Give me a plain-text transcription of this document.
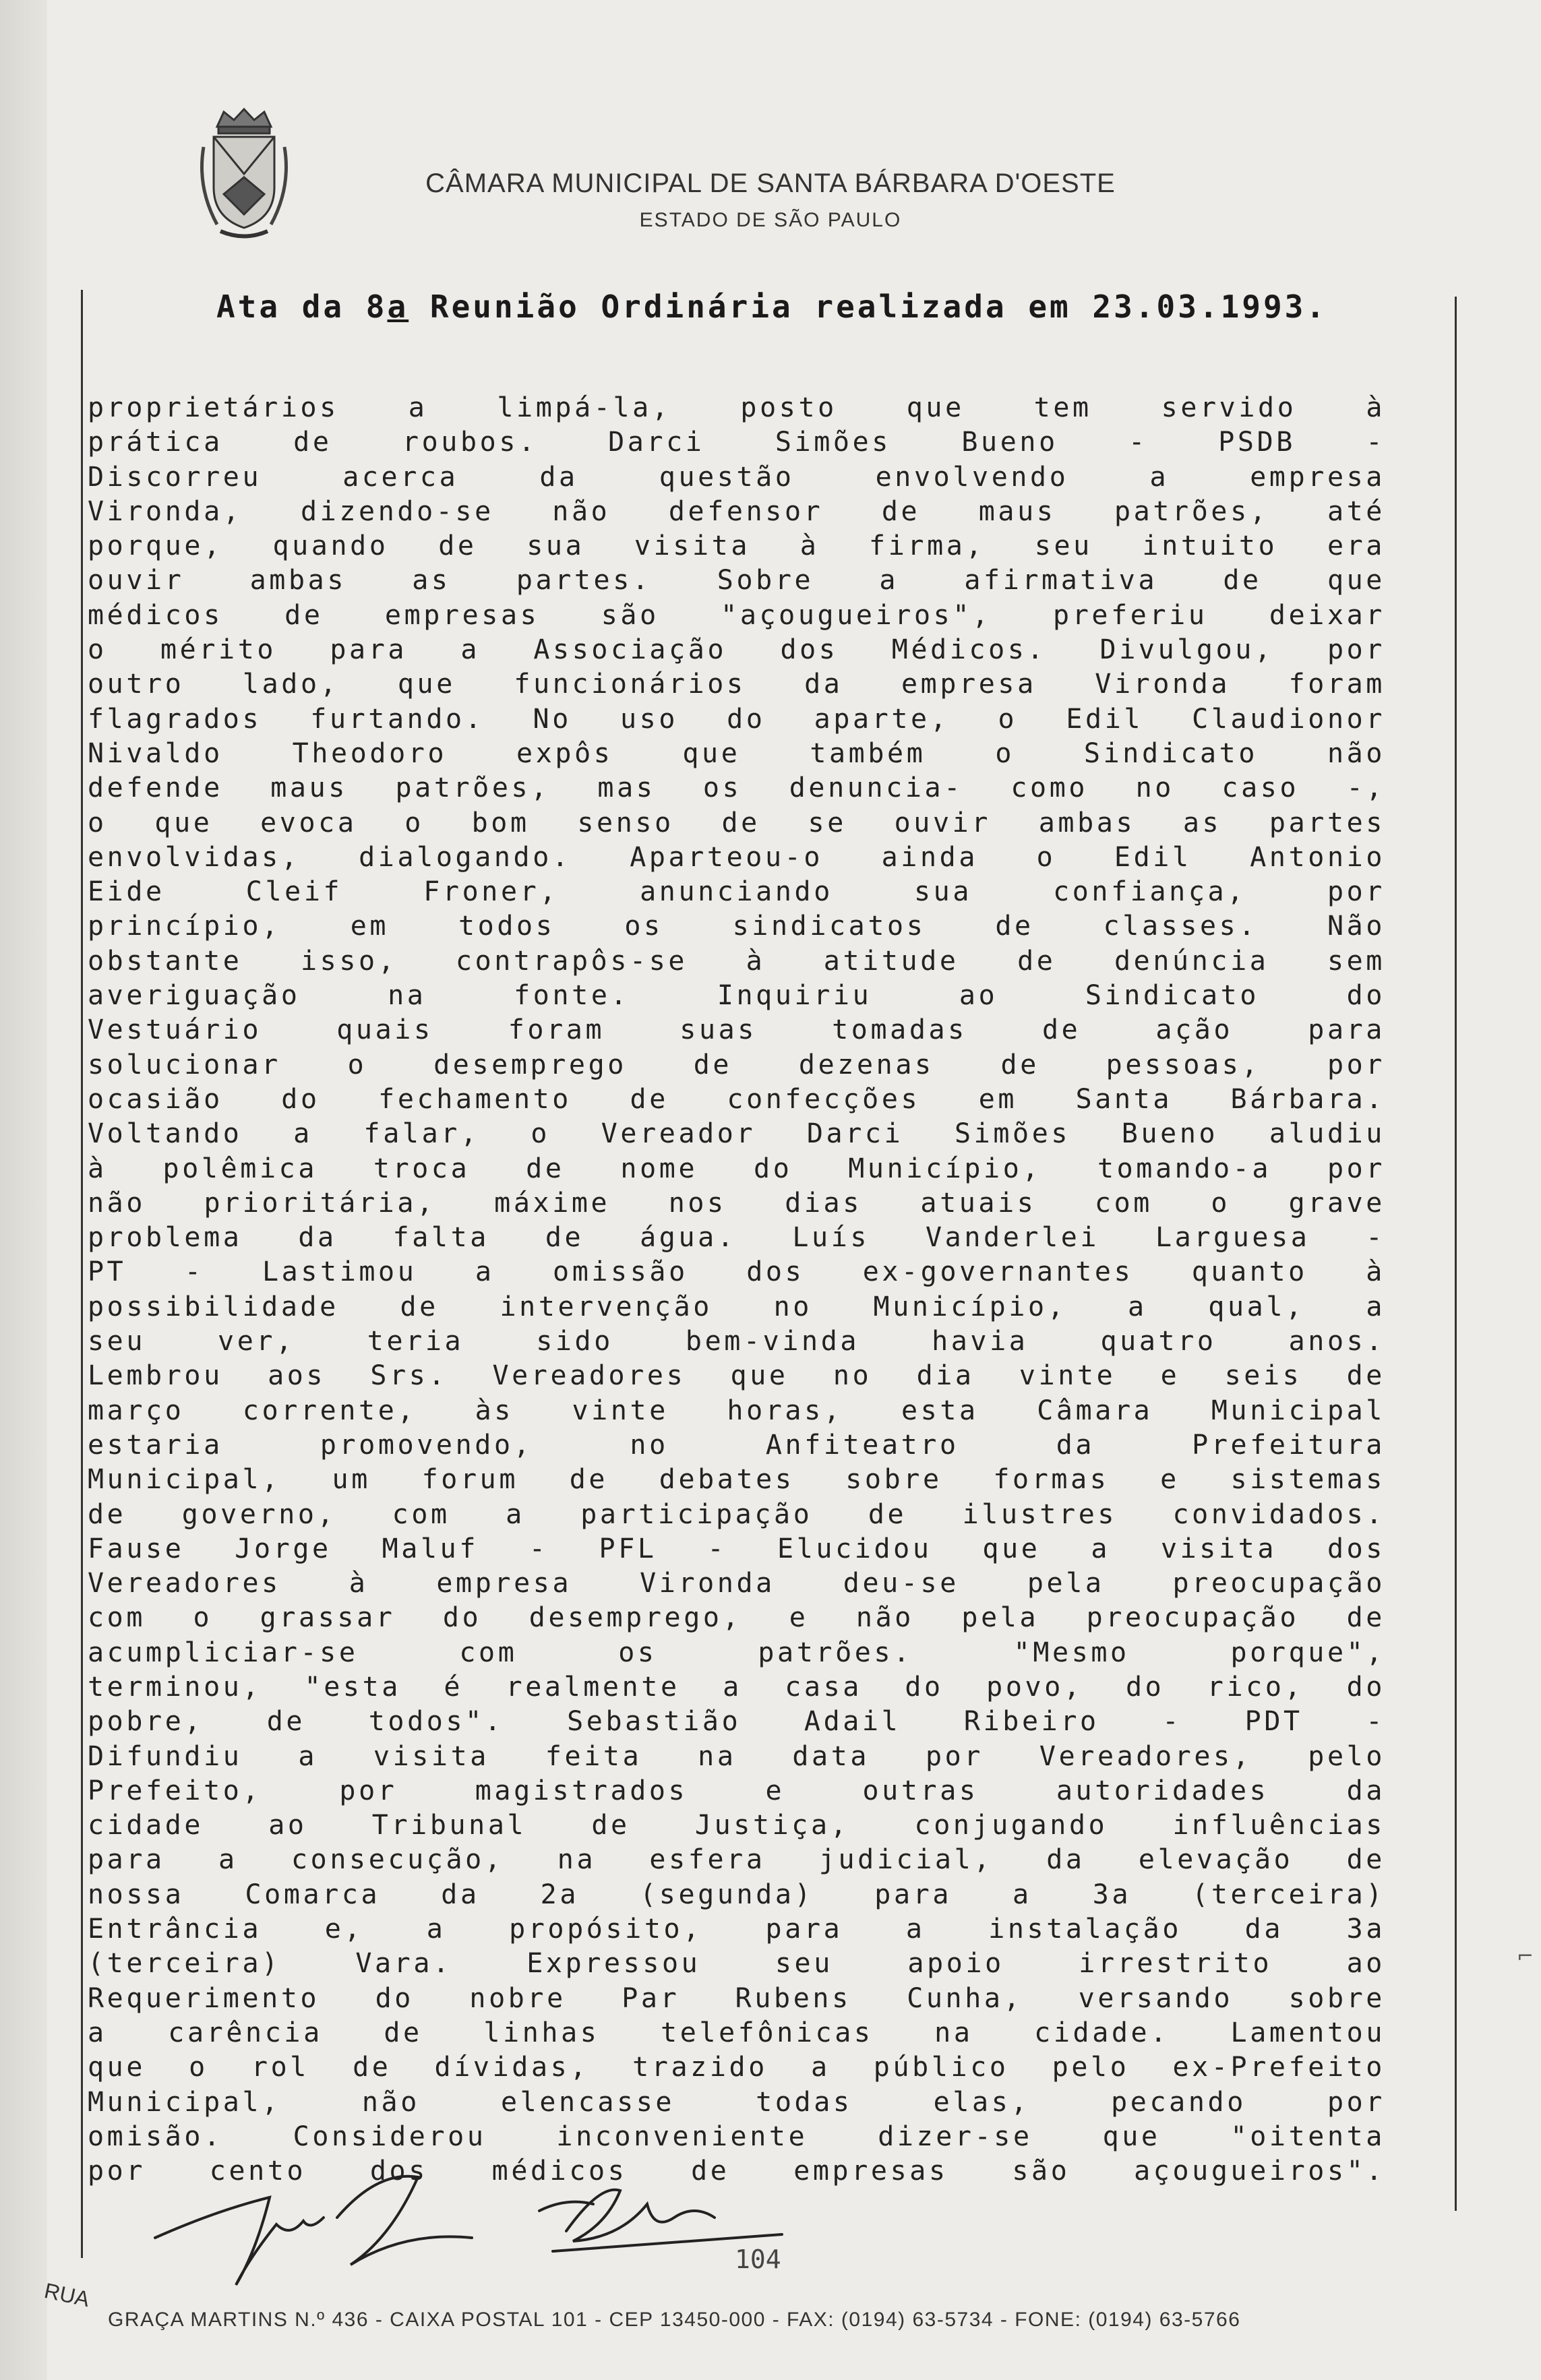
CÂMARA MUNICIPAL DE SANTA BÁRBARA D'OESTE
ESTADO DE SÃO PAULO
Ata da 8a Reunião Ordinária realizada em 23.03.1993.
proprietários a limpá-la, posto que tem servido à
prática de roubos. Darci Simões Bueno - PSDB -
Discorreu acerca da questão envolvendo a empresa
Vironda, dizendo-se não defensor de maus patrões, até
porque, quando de sua visita à firma, seu intuito era
ouvir ambas as partes. Sobre a afirmativa de que
médicos de empresas são "açougueiros", preferiu deixar
o mérito para a Associação dos Médicos. Divulgou, por
outro lado, que funcionários da empresa Vironda foram
flagrados furtando. No uso do aparte, o Edil Claudionor
Nivaldo Theodoro expôs que também o Sindicato não
defende maus patrões, mas os denuncia- como no caso -,
o que evoca o bom senso de se ouvir ambas as partes
envolvidas, dialogando. Aparteou-o ainda o Edil Antonio
Eide Cleif Froner, anunciando sua confiança, por
princípio, em todos os sindicatos de classes. Não
obstante isso, contrapôs-se à atitude de denúncia sem
averiguação na fonte. Inquiriu ao Sindicato do
Vestuário quais foram suas tomadas de ação para
solucionar o desemprego de dezenas de pessoas, por
ocasião do fechamento de confecções em Santa Bárbara.
Voltando a falar, o Vereador Darci Simões Bueno aludiu
à polêmica troca de nome do Município, tomando-a por
não prioritária, máxime nos dias atuais com o grave
problema da falta de água. Luís Vanderlei Larguesa -
PT - Lastimou a omissão dos ex-governantes quanto à
possibilidade de intervenção no Município, a qual, a
seu ver, teria sido bem-vinda havia quatro anos.
Lembrou aos Srs. Vereadores que no dia vinte e seis de
março corrente, às vinte horas, esta Câmara Municipal
estaria promovendo, no Anfiteatro da Prefeitura
Municipal, um forum de debates sobre formas e sistemas
de governo, com a participação de ilustres convidados.
Fause Jorge Maluf - PFL - Elucidou que a visita dos
Vereadores à empresa Vironda deu-se pela preocupação
com o grassar do desemprego, e não pela preocupação de
acumpliciar-se com os patrões. "Mesmo porque",
terminou, "esta é realmente a casa do povo, do rico, do
pobre, de todos". Sebastião Adail Ribeiro - PDT -
Difundiu a visita feita na data por Vereadores, pelo
Prefeito, por magistrados e outras autoridades da
cidade ao Tribunal de Justiça, conjugando influências
para a consecução, na esfera judicial, da elevação de
nossa Comarca da 2a (segunda) para a 3a (terceira)
Entrância e, a propósito, para a instalação da 3a
(terceira) Vara. Expressou seu apoio irrestrito ao
Requerimento do nobre Par Rubens Cunha, versando sobre
a carência de linhas telefônicas na cidade. Lamentou
que o rol de dívidas, trazido a público pelo ex-Prefeito
Municipal, não elencasse todas elas, pecando por
omisão. Considerou inconveniente dizer-se que "oitenta
por cento dos médicos de empresas são açougueiros".
104
RUA
GRAÇA MARTINS N.º 436 - CAIXA POSTAL 101 - CEP 13450-000 - FAX: (0194) 63-5734 - FONE: (0194) 63-5766
⌐
